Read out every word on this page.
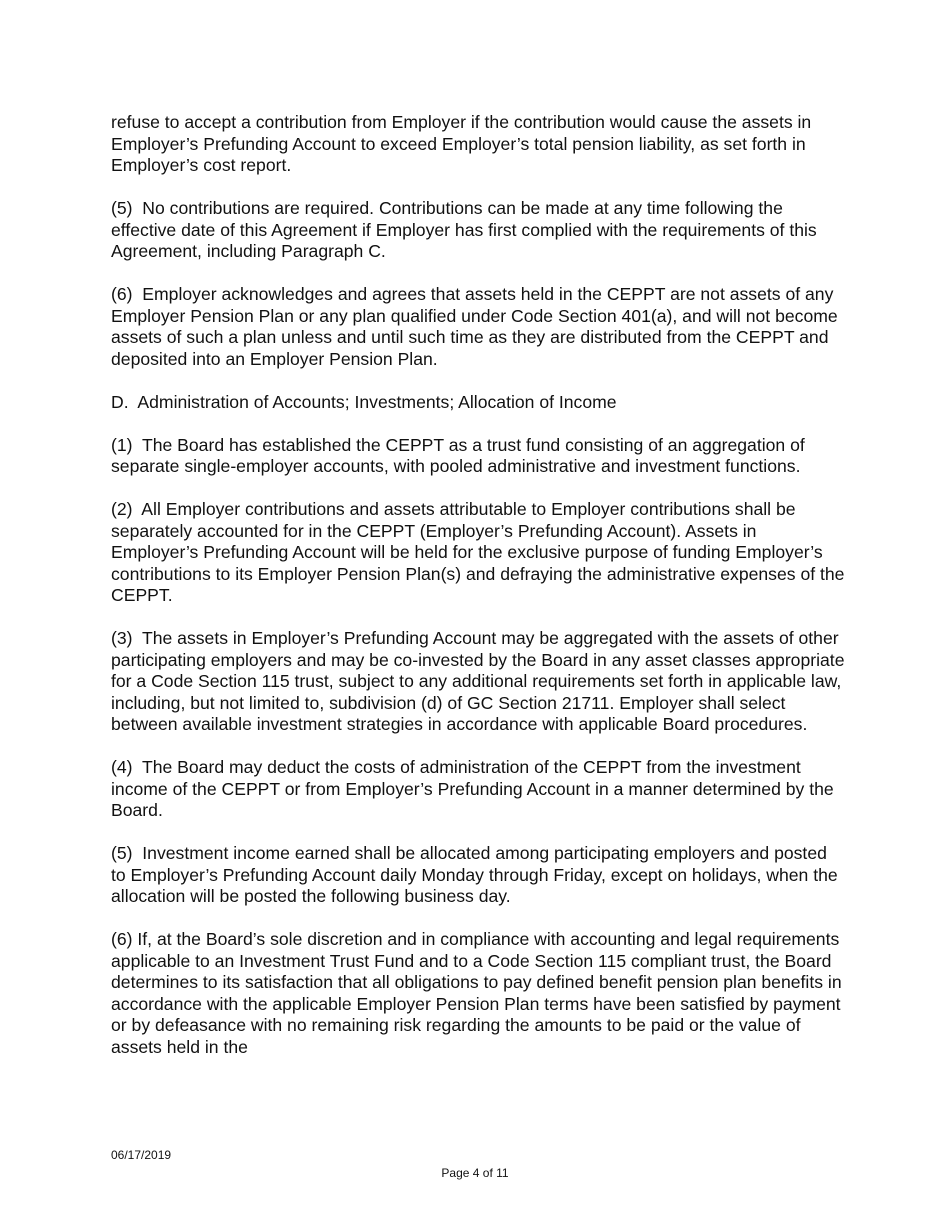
refuse to accept a contribution from Employer if the contribution would cause the assets in Employer’s Prefunding Account to exceed Employer’s total pension liability, as set forth in Employer’s cost report.

(5)  No contributions are required. Contributions can be made at any time following the effective date of this Agreement if Employer has first complied with the requirements of this Agreement, including Paragraph C.

(6)  Employer acknowledges and agrees that assets held in the CEPPT are not assets of any Employer Pension Plan or any plan qualified under Code Section 401(a), and will not become assets of such a plan unless and until such time as they are distributed from the CEPPT and deposited into an Employer Pension Plan.

D.  Administration of Accounts; Investments; Allocation of Income

(1)  The Board has established the CEPPT as a trust fund consisting of an aggregation of separate single-employer accounts, with pooled administrative and investment functions.

(2)  All Employer contributions and assets attributable to Employer contributions shall be separately accounted for in the CEPPT (Employer’s Prefunding Account). Assets in Employer’s Prefunding Account will be held for the exclusive purpose of funding Employer’s contributions to its Employer Pension Plan(s) and defraying the administrative expenses of the CEPPT.

(3)  The assets in Employer’s Prefunding Account may be aggregated with the assets of other participating employers and may be co-invested by the Board in any asset classes appropriate for a Code Section 115 trust, subject to any additional requirements set forth in applicable law, including, but not limited to, subdivision (d) of GC Section 21711. Employer shall select between available investment strategies in accordance with applicable Board procedures.

(4)  The Board may deduct the costs of administration of the CEPPT from the investment income of the CEPPT or from Employer’s Prefunding Account in a manner determined by the Board.

(5)  Investment income earned shall be allocated among participating employers and posted to Employer’s Prefunding Account daily Monday through Friday, except on holidays, when the allocation will be posted the following business day.

(6) If, at the Board’s sole discretion and in compliance with accounting and legal requirements applicable to an Investment Trust Fund and to a Code Section 115 compliant trust, the Board determines to its satisfaction that all obligations to pay defined benefit pension plan benefits in accordance with the applicable Employer Pension Plan terms have been satisfied by payment or by defeasance with no remaining risk regarding the amounts to be paid or the value of assets held in the

06/17/2019
Page 4 of 11
